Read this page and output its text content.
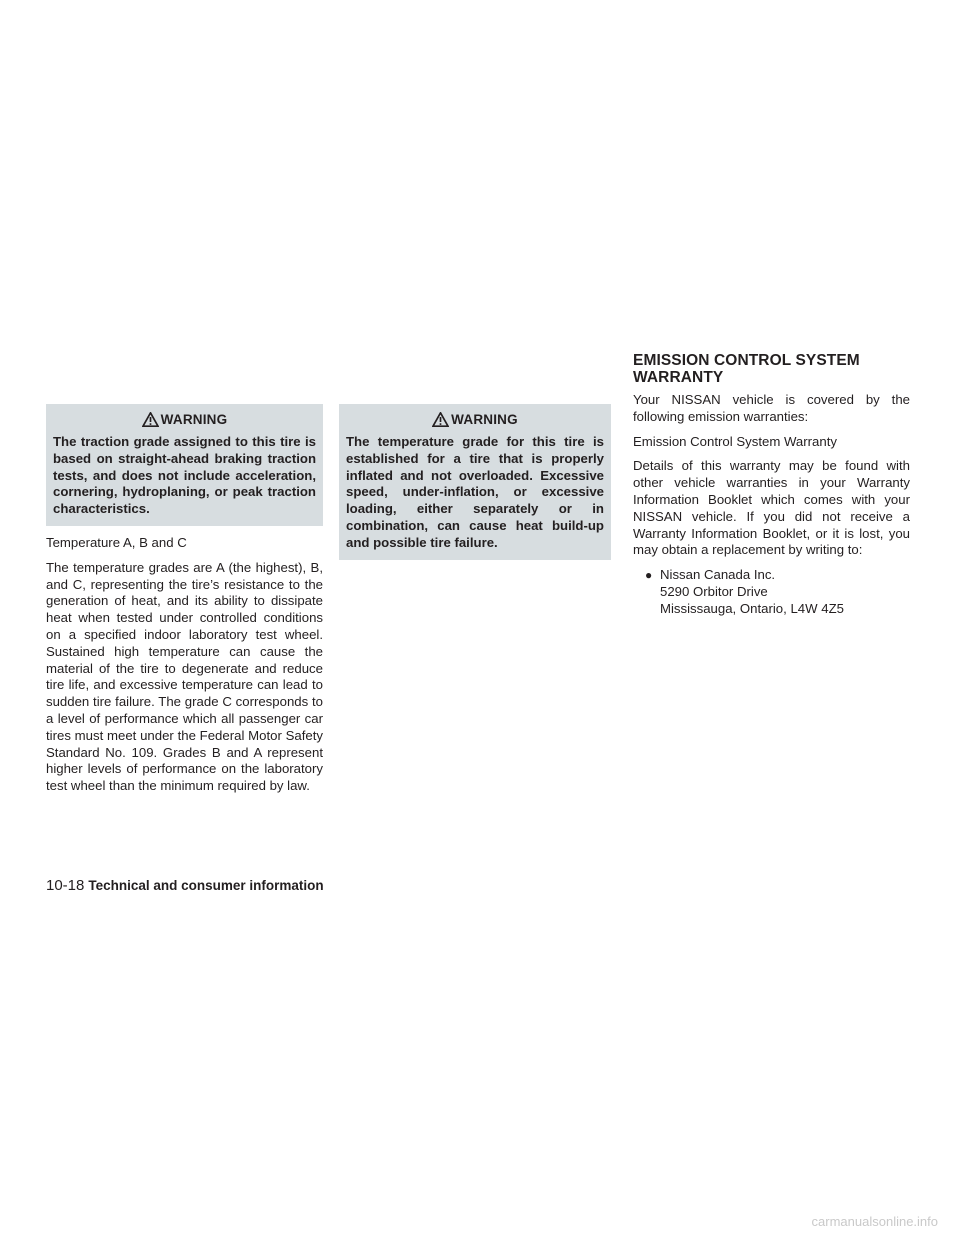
WARNING

The traction grade assigned to this tire is based on straight-ahead braking traction tests, and does not include acceleration, cornering, hydroplaning, or peak traction characteristics.

Temperature A, B and C

The temperature grades are A (the highest), B, and C, representing the tire’s resistance to the generation of heat, and its ability to dissipate heat when tested under controlled conditions on a specified indoor laboratory test wheel. Sustained high temperature can cause the material of the tire to degenerate and reduce tire life, and excessive temperature can lead to sudden tire failure. The grade C corresponds to a level of performance which all passenger car tires must meet under the Federal Motor Safety Standard No. 109. Grades B and A represent higher levels of performance on the laboratory test wheel than the minimum required by law.

WARNING

The temperature grade for this tire is established for a tire that is properly inflated and not overloaded. Excessive speed, under-inflation, or excessive loading, either separately or in combination, can cause heat build-up and possible tire failure.

EMISSION CONTROL SYSTEM
WARRANTY

Your NISSAN vehicle is covered by the following emission warranties:

Emission Control System Warranty

Details of this warranty may be found with other vehicle warranties in your Warranty Information Booklet which comes with your NISSAN vehicle. If you did not receive a Warranty Information Booklet, or it is lost, you may obtain a replacement by writing to:

● Nissan Canada Inc.
5290 Orbitor Drive
Mississauga, Ontario, L4W 4Z5
10-18 Technical and consumer information
carmanualsonline.info
